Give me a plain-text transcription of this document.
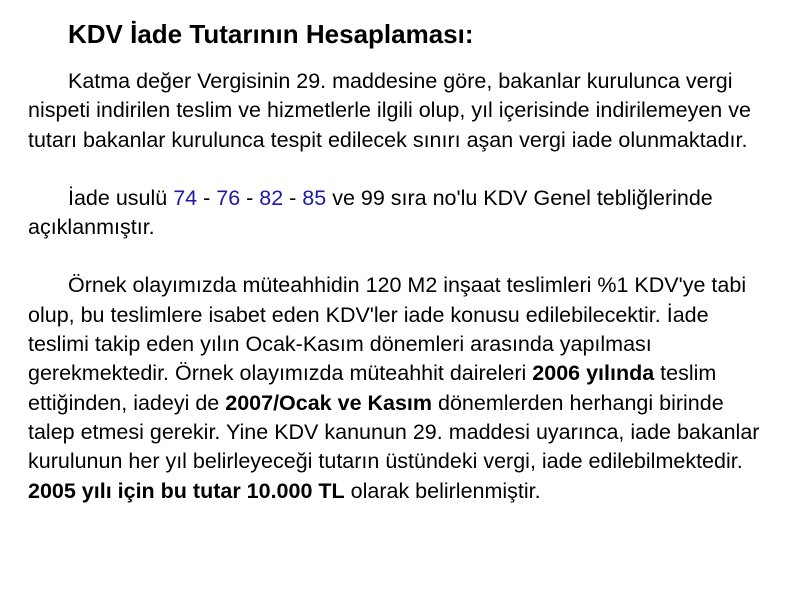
KDV İade Tutarının Hesaplaması:

Katma değer Vergisinin 29. maddesine göre, bakanlar kurulunca vergi nispeti indirilen teslim ve hizmetlerle ilgili olup, yıl içerisinde indirilemeyen ve tutarı bakanlar kurulunca tespit edilecek sınırı aşan vergi iade olunmaktadır.

İade usulü 74 - 76 - 82 - 85 ve 99 sıra no'lu KDV Genel tebliğlerinde açıklanmıştır.

Örnek olayımızda müteahhidin 120 M2 inşaat teslimleri %1 KDV'ye tabi olup, bu teslimlere isabet eden KDV'ler iade konusu edilebilecektir. İade teslimi takip eden yılın Ocak-Kasım dönemleri arasında yapılması gerekmektedir. Örnek olayımızda müteahhit daireleri 2006 yılında teslim ettiğinden, iadeyi de 2007/Ocak ve Kasım dönemlerden herhangi birinde talep etmesi gerekir. Yine KDV kanunun 29. maddesi uyarınca, iade bakanlar kurulunun her yıl belirleyeceği tutarın üstündeki vergi, iade edilebilmektedir. 2005 yılı için bu tutar 10.000 TL olarak belirlenmiştir.
